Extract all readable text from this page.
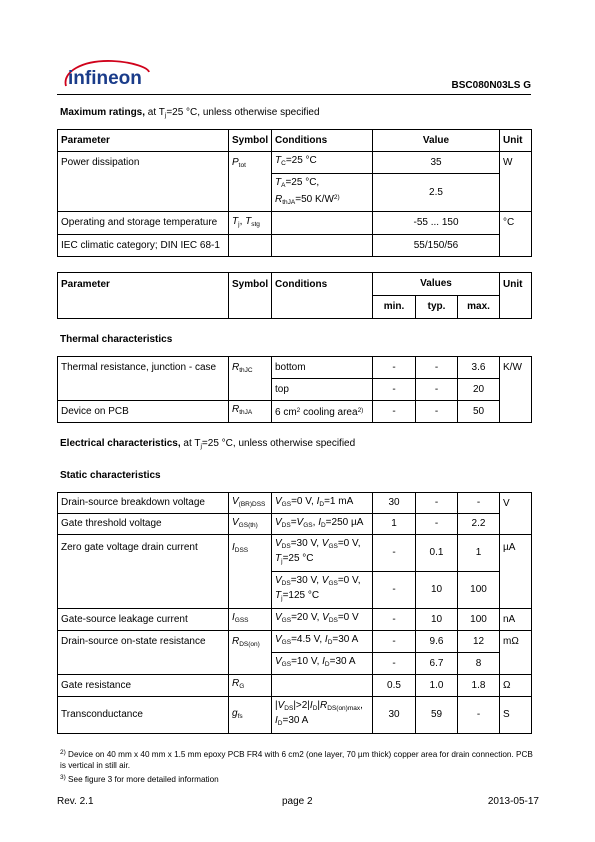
infineon	BSC080N03LS G
Maximum ratings, at $T_j=25$ °C, unless otherwise specified
Parameter	Symbol	Conditions	Value	Unit
Power dissipation	$P_{tot}$	$T_C=25$ °C	35	W
		$T_A=25$ °C,
$R_{thJA}=50$ $K/W^{2)}$	2.5	
Operating and storage temperature	$T_j$, $T_{stg}$		-55 ... 150	°C
IEC climatic category; DIN IEC 68-1			55/150/56	
Parameter	Symbol	Conditions	Values			Unit
			min.	typ.	max.	
Thermal characteristics
Thermal resistance, junction - case	$R_{thJC}$	bottom	-	-	3.6	K/W
		top	-	-	20	
Device on PCB	$R_{thJA}$	6 $cm^2$ cooling area$^{2)}$	-	-	50	
Electrical characteristics, at $T_j=25$ °C, unless otherwise specified
Static characteristics
Drain-source breakdown voltage	$V_{(BR)DSS}$	$V_{GS}=0$ V, $I_D=1$ mA	30	-	-	V
Gate threshold voltage	$V_{GS(th)}$	$V_{DS}=V_{GS}$, $I_D=250$ µA	1	-	2.2	
Zero gate voltage drain current	$I_{DSS}$	$V_{DS}=30$ V, $V_{GS}=0$ V,
$T_j=25$ °C	-	0.1	1	µA
		$V_{DS}=30$ V, $V_{GS}=0$ V,
$T_j=125$ °C	-	10	100	
Gate-source leakage current	$I_{GSS}$	$V_{GS}=20$ V, $V_{DS}=0$ V	-	10	100	nA
Drain-source on-state resistance	$R_{DS(on)}$	$V_{GS}=4.5$ V, $I_D=30$ A	-	9.6	12	mΩ
		$V_{GS}=10$ V, $I_D=30$ A	-	6.7	8	
Gate resistance	$R_G$		0.5	1.0	1.8	Ω
Transconductance	$g_{fs}$	$|V_{DS}|>2|I_D|R_{DS(on)max}$,
$I_D=30$ A	30	59	-	S
$^{2)}$ Device on 40 mm x 40 mm x 1.5 mm epoxy PCB FR4 with 6 cm2 (one layer, 70 µm thick) copper area for drain connection. PCB is vertical in still air.
$^{3)}$ See figure 3 for more detailed information
Rev. 2.1	page 2	2013-05-17
